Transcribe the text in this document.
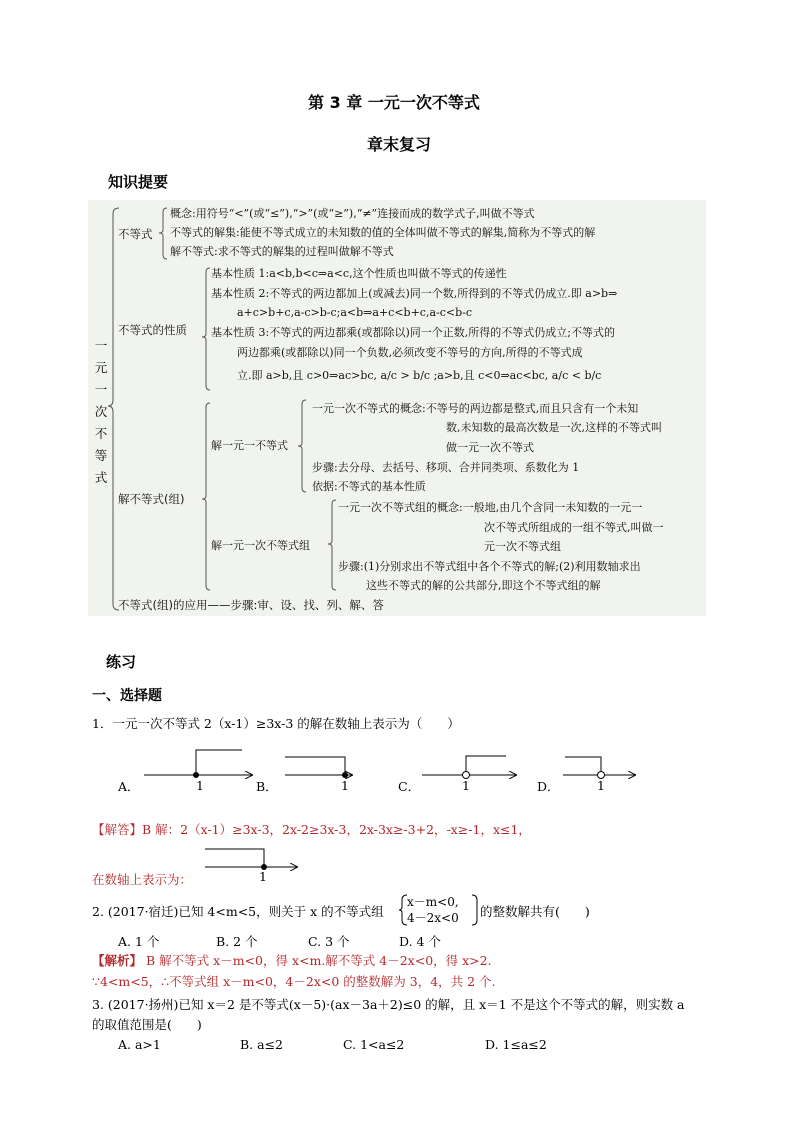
第 3 章 一元一次不等式
章末复习
知识提要
一元一次不等式
不等式
概念:用符号“<”(或“≤”),“>”(或“≥”),“≠”连接而成的数学式子,叫做不等式
不等式的解集:能使不等式成立的未知数的值的全体叫做不等式的解集,简称为不等式的解
解不等式:求不等式的解集的过程叫做解不等式
不等式的性质
基本性质 1:a<b,b<c⇒a<c,这个性质也叫做不等式的传递性
基本性质 2:不等式的两边都加上(或减去)同一个数,所得到的不等式仍成立.即 a>b⇒
a+c>b+c,a-c>b-c;a<b⇒a+c<b+c,a-c<b-c
基本性质 3:不等式的两边都乘(或都除以)同一个正数,所得的不等式仍成立;不等式的
两边都乘(或都除以)同一个负数,必须改变不等号的方向,所得的不等式成
立.即 a>b,且 c>0⇒ac>bc, a/c > b/c ;a>b,且 c<0⇒ac<bc, a/c < b/c
解不等式(组)
解一元一不等式
一元一次不等式的概念:不等号的两边都是整式,而且只含有一个未知
数,未知数的最高次数是一次,这样的不等式叫
做一元一次不等式
步骤:去分母、去括号、移项、合并同类项、系数化为 1
依据:不等式的基本性质
解一元一次不等式组
一元一次不等式组的概念:一般地,由几个含同一未知数的一元一
次不等式所组成的一组不等式,叫做一
元一次不等式组
步骤:(1)分别求出不等式组中各个不等式的解;(2)利用数轴求出
这些不等式的解的公共部分,即这个不等式组的解
不等式(组)的应用——步骤:审、设、找、列、解、答
练习
一、选择题
1．一元一次不等式 2（x-1）≥3x-3 的解在数轴上表示为（　　）
A．	B．	C．	D．
1	1	1	1
【解答】B 解：2（x-1）≥3x-3，2x-2≥3x-3，2x-3x≥-3+2，-x≥-1，x≤1，
在数轴上表示为：	1
2. (2017·宿迁)已知 4<m<5，则关于 x 的不等式组
x－m<0,
4－2x<0 的整数解共有(　　)
A. 1 个	B. 2 个	C. 3 个	D. 4 个
【解析】 B 解不等式 x－m<0，得 x<m.解不等式 4－2x<0，得 x>2.
∵4<m<5，∴不等式组 x－m<0，4－2x<0 的整数解为 3，4，共 2 个.
3. (2017·扬州)已知 x＝2 是不等式(x－5)·(ax－3a＋2)≤0 的解，且 x＝1 不是这个不等式的解，则实数 a
的取值范围是(　　)
A. a>1	B. a≤2	C. 1<a≤2	D. 1≤a≤2
